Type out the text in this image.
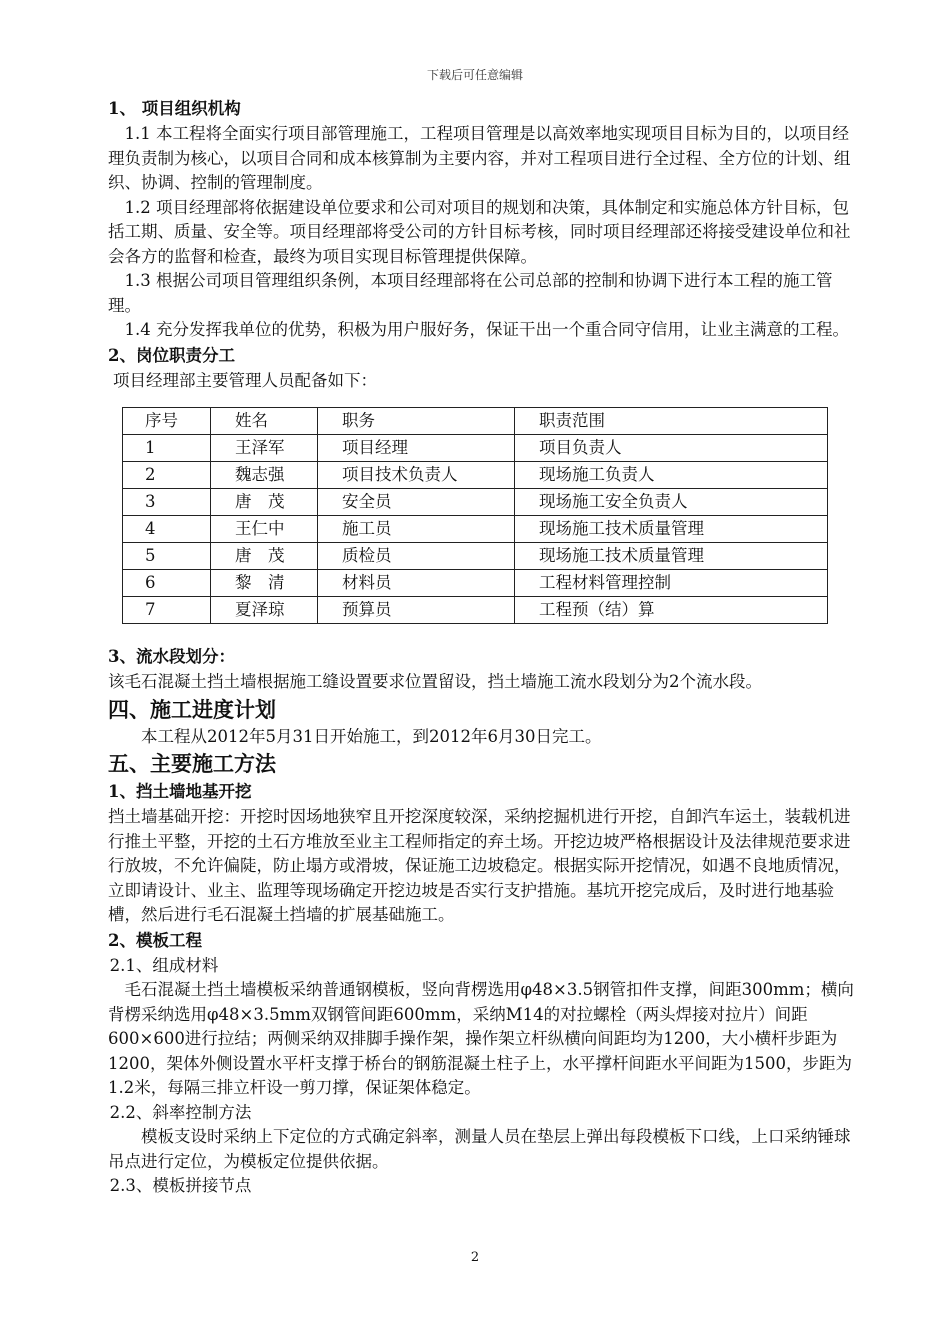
下载后可任意编辑

1、 项目组织机构

1.1 本工程将全面实行项目部管理施工，工程项目管理是以高效率地实现项目目标为目的，以项目经理负责制为核心，以项目合同和成本核算制为主要内容，并对工程项目进行全过程、全方位的计划、组织、协调、控制的管理制度。

1.2 项目经理部将依据建设单位要求和公司对项目的规划和决策，具体制定和实施总体方针目标，包括工期、质量、安全等。项目经理部将受公司的方针目标考核，同时项目经理部还将接受建设单位和社会各方的监督和检查，最终为项目实现目标管理提供保障。

1.3 根据公司项目管理组织条例，本项目经理部将在公司总部的控制和协调下进行本工程的施工管理。

1.4 充分发挥我单位的优势，积极为用户服好务，保证干出一个重合同守信用，让业主满意的工程。

2、岗位职责分工

项目经理部主要管理人员配备如下：

序号	姓名	职务	职责范围
1	王泽军	项目经理	项目负责人
2	魏志强	项目技术负责人	现场施工负责人
3	唐　茂	安全员	现场施工安全负责人
4	王仁中	施工员	现场施工技术质量管理
5	唐　茂	质检员	现场施工技术质量管理
6	黎　清	材料员	工程材料管理控制
7	夏泽琼	预算员	工程预（结）算

3、流水段划分：

该毛石混凝土挡土墙根据施工缝设置要求位置留设，挡土墙施工流水段划分为2个流水段。

四、施工进度计划

本工程从2012年5月31日开始施工，到2012年6月30日完工。

五、主要施工方法

1、挡土墙地基开挖

挡土墙基础开挖：开挖时因场地狭窄且开挖深度较深，采纳挖掘机进行开挖，自卸汽车运土，装载机进行推土平整，开挖的土石方堆放至业主工程师指定的弃土场。开挖边坡严格根据设计及法律规范要求进行放坡，不允许偏陡，防止塌方或滑坡，保证施工边坡稳定。根据实际开挖情况，如遇不良地质情况，立即请设计、业主、监理等现场确定开挖边坡是否实行支护措施。基坑开挖完成后，及时进行地基验槽，然后进行毛石混凝土挡墙的扩展基础施工。

2、模板工程

2.1、组成材料

毛石混凝土挡土墙模板采纳普通钢模板，竖向背楞选用φ48×3.5钢管扣件支撑，间距300mm；横向背楞采纳选用φ48×3.5mm双钢管间距600mm，采纳M14的对拉螺栓（两头焊接对拉片）间距600×600进行拉结；两侧采纳双排脚手操作架，操作架立杆纵横向间距均为1200，大小横杆步距为1200，架体外侧设置水平杆支撑于桥台的钢筋混凝土柱子上，水平撑杆间距水平间距为1500，步距为1.2米，每隔三排立杆设一剪刀撑，保证架体稳定。

2.2、斜率控制方法

模板支设时采纳上下定位的方式确定斜率，测量人员在垫层上弹出每段模板下口线，上口采纳锤球吊点进行定位，为模板定位提供依据。

2.3、模板拼接节点

2
